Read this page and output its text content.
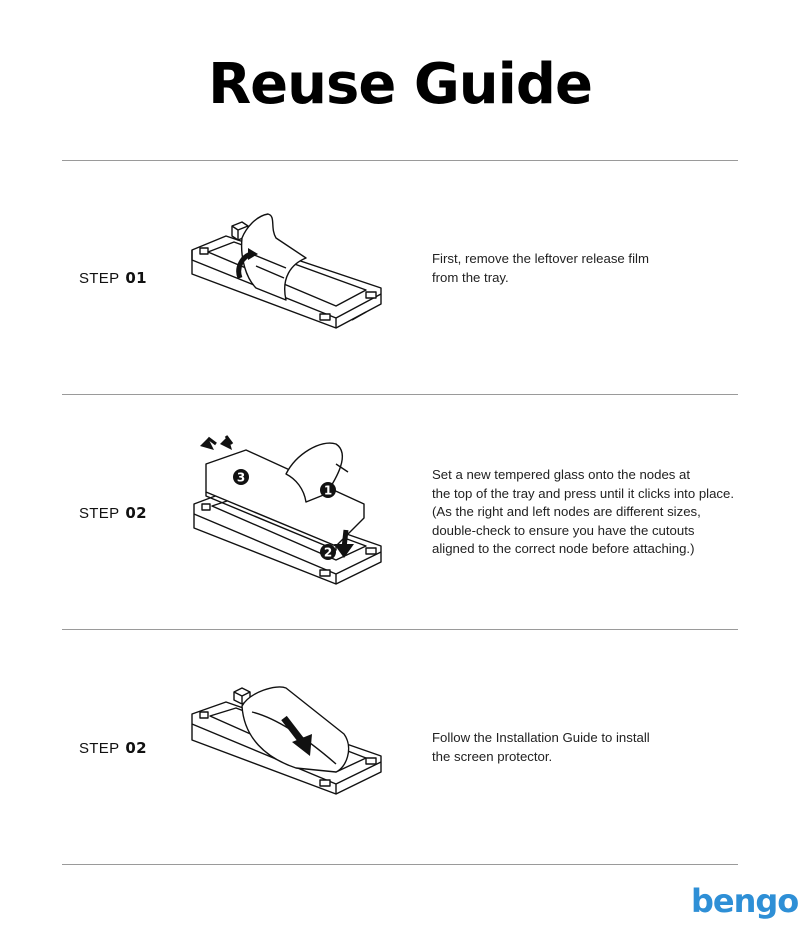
Reuse Guide
STEP 01
First, remove the leftover release film
from the tray.
STEP 02
3
1
2
Set a new tempered glass onto the nodes at
the top of the tray and press until it clicks into place.
(As the right and left nodes are different sizes,
double-check to ensure you have the cutouts
aligned to the correct node before attaching.)
STEP 02
Follow the Installation Guide to install
the screen protector.
bengo
